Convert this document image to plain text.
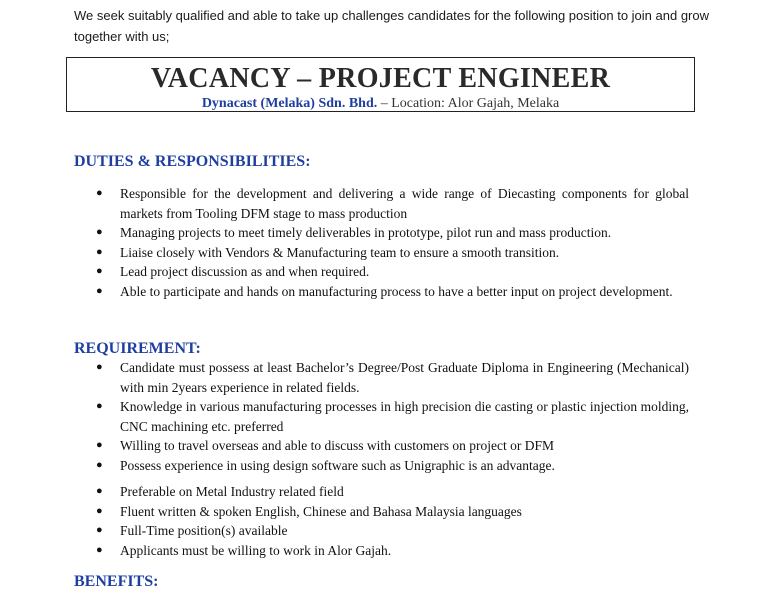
We seek suitably qualified and able to take up challenges candidates for the following position to join and grow together with us;
VACANCY – PROJECT ENGINEER
Dynacast (Melaka) Sdn. Bhd. – Location: Alor Gajah, Melaka
DUTIES & RESPONSIBILITIES:
● Responsible for the development and delivering a wide range of Diecasting components for global markets from Tooling DFM stage to mass production
● Managing projects to meet timely deliverables in prototype, pilot run and mass production.
● Liaise closely with Vendors & Manufacturing team to ensure a smooth transition.
● Lead project discussion as and when required.
● Able to participate and hands on manufacturing process to have a better input on project development.
REQUIREMENT:
● Candidate must possess at least Bachelor’s Degree/Post Graduate Diploma in Engineering (Mechanical) with min 2years experience in related fields.
● Knowledge in various manufacturing processes in high precision die casting or plastic injection molding, CNC machining etc. preferred
● Willing to travel overseas and able to discuss with customers on project or DFM
● Possess experience in using design software such as Unigraphic is an advantage.
● Preferable on Metal Industry related field
● Fluent written & spoken English, Chinese and Bahasa Malaysia languages
● Full-Time position(s) available
● Applicants must be willing to work in Alor Gajah.
BENEFITS:
